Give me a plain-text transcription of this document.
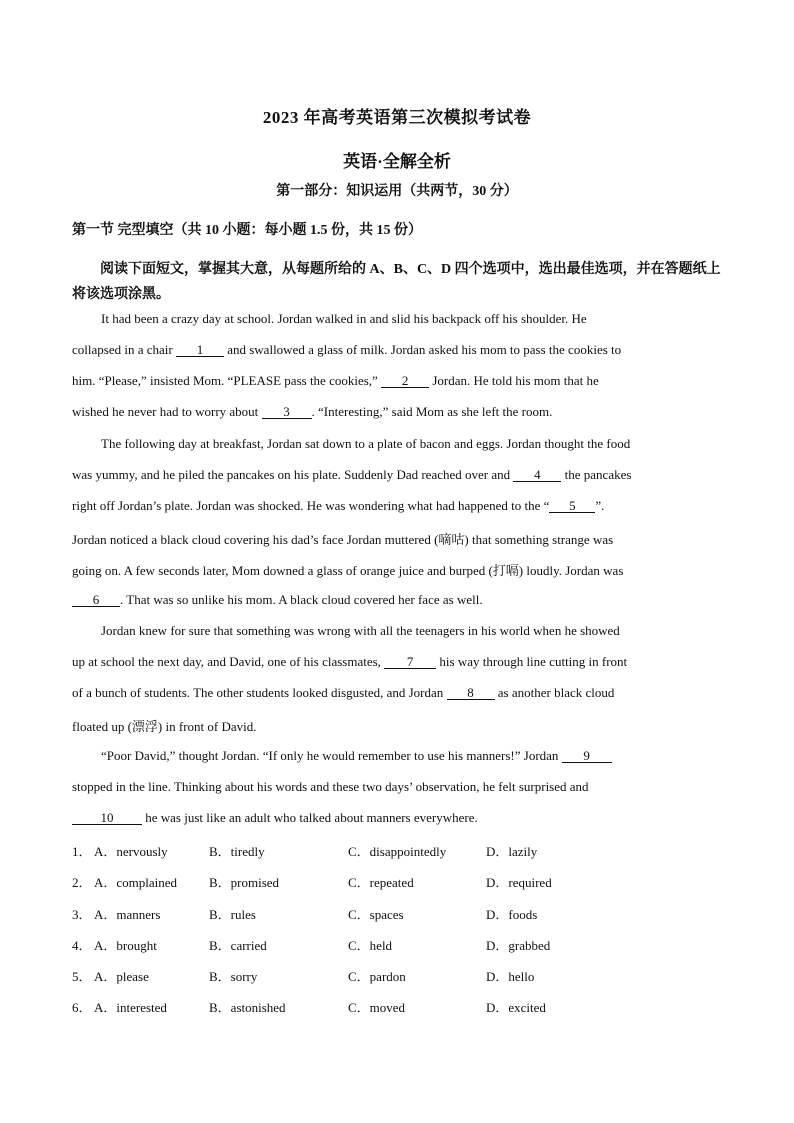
2023 年高考英语第三次模拟考试卷
英语·全解全析
第一部分：知识运用（共两节，30 分）
第一节 完型填空（共 10 小题：每小题 1.5 份，共 15 份）
阅读下面短文，掌握其大意，从每题所给的 A、B、C、D 四个选项中，选出最佳选项，并在答题纸上将该选项涂黑。
It had been a crazy day at school. Jordan walked in and slid his backpack off his shoulder. He
collapsed in a chair 1 and swallowed a glass of milk. Jordan asked his mom to pass the cookies to
him. “Please,” insisted Mom. “PLEASE pass the cookies,” 2 Jordan. He told his mom that he
wished he never had to worry about 3 . “Interesting,” said Mom as she left the room.
The following day at breakfast, Jordan sat down to a plate of bacon and eggs. Jordan thought the food
was yummy, and he piled the pancakes on his plate. Suddenly Dad reached over and 4 the pancakes
right off Jordan’s plate. Jordan was shocked. He was wondering what had happened to the “ 5 ”.
Jordan noticed a black cloud covering his dad’s face Jordan muttered (嘀咕) that something strange was
going on. A few seconds later, Mom downed a glass of orange juice and burped (打嗝) loudly. Jordan was
6 . That was so unlike his mom. A black cloud covered her face as well.
Jordan knew for sure that something was wrong with all the teenagers in his world when he showed
up at school the next day, and David, one of his classmates, 7 his way through line cutting in front
of a bunch of students. The other students looked disgusted, and Jordan 8 as another black cloud
floated up (漂浮) in front of David.
“Poor David,” thought Jordan. “If only he would remember to use his manners!” Jordan 9
stopped in the line. Thinking about his words and these two days’ observation, he felt surprised and
10 he was just like an adult who talked about manners everywhere.
1． A．nervously	B．tiredly	C．disappointedly	D．lazily
2． A．complained B．promised	C．repeated	D．required
3． A．manners	B．rules	C．spaces	D．foods
4． A．brought	B．carried	C．held	D．grabbed
5． A．please	B．sorry	C．pardon	D．hello
6． A．interested	B．astonished	C．moved	D．excited
